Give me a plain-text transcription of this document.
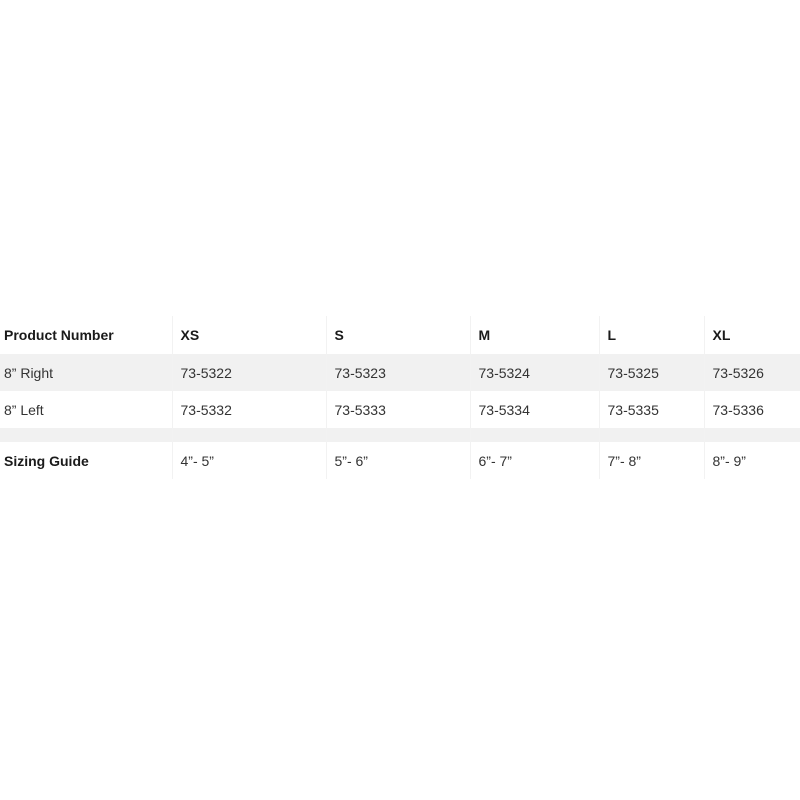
Product Number	XS	S	M	L	XL
8” Right	73-5322	73-5323	73-5324	73-5325	73-5326
8” Left	73-5332	73-5333	73-5334	73-5335	73-5336

Sizing Guide	4”- 5”	5”- 6”	6”- 7”	7”- 8”	8”- 9”
